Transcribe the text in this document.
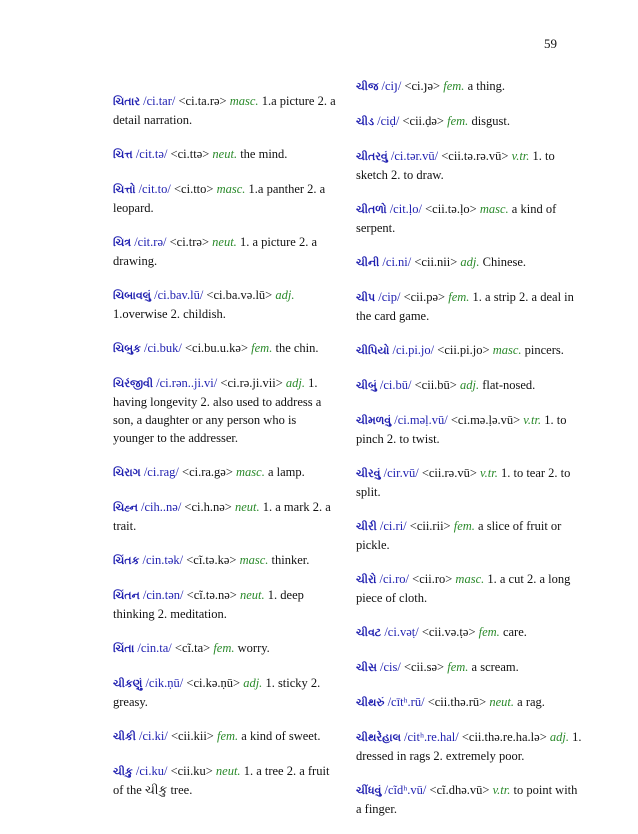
59

ચિતાર /ci.tar/ <ci.ta.rə> masc. 1.a picture 2. a detail narration.

ચિત્ત /cit.tə/ <ci.ttə> neut. the mind.

ચિત્તો /cit.to/ <ci.tto> masc. 1.a panther 2. a leopard.

ચિત્ર /cit.rə/ <ci.trə> neut. 1. a picture 2. a drawing.

ચિબાવલું /ci.bav.lū/ <ci.ba.və.lū> adj. 1.overwise 2. childish.

ચિબુક /ci.buk/ <ci.bu.u.kə> fem. the chin.

ચિરંજીવી /ci.rən..ji.vi/ <ci.rə.ji.vii> adj. 1. having longevity 2. also used to address a son, a daughter or any person who is younger to the addresser.

ચિરાગ /ci.rag/ <ci.ra.gə> masc. a lamp.

ચિહ્ન /cih..nə/ <ci.h.nə> neut. 1. a mark 2. a trait.

ચિંતક /cin.tək/ <cĩ.tə.kə> masc. thinker.

ચિંતન /cin.tən/ <cĩ.tə.nə> neut. 1. deep thinking 2. meditation.

ચિંતા /cin.ta/ <cĩ.ta> fem. worry.

ચીકણું /cik.ṇū/ <ci.kə.ṇū> adj. 1. sticky 2. greasy.

ચીકી /ci.ki/ <cii.kii> fem. a kind of sweet.

ચીકુ /ci.ku/ <cii.ku> neut. 1. a tree 2. a fruit of the ચીકુ tree.

ચીજ /ciյ/ <ci.յə> fem. a thing.

ચીડ /ciḍ/ <cii.ḍə> fem. disgust.

ચીતરવું /ci.tər.vū/ <cii.tə.rə.vū> v.tr. 1. to sketch 2. to draw.

ચીતળો /cit.ḷo/ <cii.tə.ḷo> masc. a kind of serpent.

ચીની /ci.ni/ <cii.nii> adj. Chinese.

ચીપ /cip/ <cii.pə> fem. 1. a strip 2. a deal in the card game.

ચીપિયો /ci.pi.jo/ <cii.pi.jo> masc. pincers.

ચીબું /ci.bū/ <cii.bū> adj. flat-nosed.

ચીમળવું /ci.məḷ.vū/ <ci.mə.ḷə.vū> v.tr. 1. to pinch 2. to twist.

ચીરવું /cir.vū/ <cii.rə.vū> v.tr. 1. to tear 2. to split.

ચીરી /ci.ri/ <cii.rii> fem. a slice of fruit or pickle.

ચીરો /ci.ro/ <cii.ro> masc. 1. a cut 2. a long piece of cloth.

ચીવટ /ci.vəṭ/ <cii.və.ṭə> fem. care.

ચીસ /cis/ <cii.sə> fem. a scream.

ચીથરું /cītʰ.rū/ <cii.thə.rū> neut. a rag.

ચીથરેહાલ /citʰ.re.hal/ <cii.thə.re.ha.lə> adj. 1. dressed in rags 2. extremely poor.

ચીંધવું /cĩdʰ.vū/ <cĩ.dhə.vū> v.tr. to point with a finger.
